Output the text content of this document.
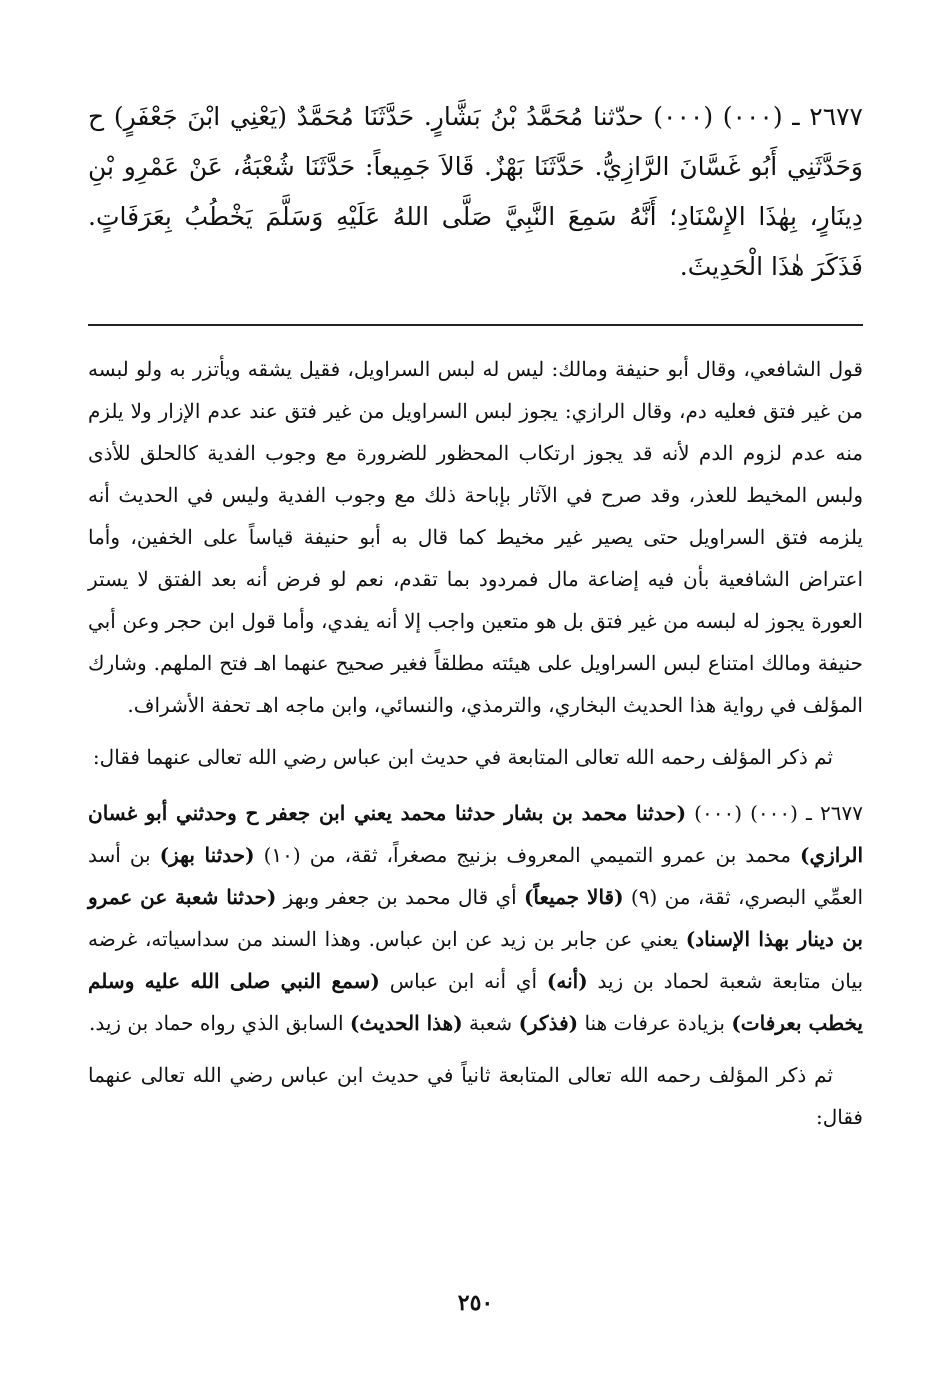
٢٦٧٧ ـ (٠٠٠) (٠٠٠) حدّثنا مُحَمَّدُ بْنُ بَشَّارٍ. حَدَّثَنَا مُحَمَّدٌ (يَعْنِي ابْنَ جَعْفَرٍ) ح وَحَدَّثَنِي أَبُو غَسَّانَ الرَّازِيُّ. حَدَّثَنَا بَهْزٌ. قَالاَ جَمِيعاً: حَدَّثَنَا شُعْبَةُ، عَنْ عَمْرِو بْنِ دِينَارٍ، بِهٰذَا الإِسْنَادِ؛ أَنَّهُ سَمِعَ النَّبِيَّ صَلَّى اللهُ عَلَيْهِ وَسَلَّمَ يَخْطُبُ بِعَرَفَاتٍ. فَذَكَرَ هٰذَا الْحَدِيثَ.

قول الشافعي، وقال أبو حنيفة ومالك: ليس له لبس السراويل، فقيل يشقه ويأتزر به ولو لبسه من غير فتق فعليه دم، وقال الرازي: يجوز لبس السراويل من غير فتق عند عدم الإزار ولا يلزم منه عدم لزوم الدم لأنه قد يجوز ارتكاب المحظور للضرورة مع وجوب الفدية كالحلق للأذى ولبس المخيط للعذر، وقد صرح في الآثار بإباحة ذلك مع وجوب الفدية وليس في الحديث أنه يلزمه فتق السراويل حتى يصير غير مخيط كما قال به أبو حنيفة قياساً على الخفين، وأما اعتراض الشافعية بأن فيه إضاعة مال فمردود بما تقدم، نعم لو فرض أنه بعد الفتق لا يستر العورة يجوز له لبسه من غير فتق بل هو متعين واجب إلا أنه يفدي، وأما قول ابن حجر وعن أبي حنيفة ومالك امتناع لبس السراويل على هيئته مطلقاً فغير صحيح عنهما اهـ فتح الملهم. وشارك المؤلف في رواية هذا الحديث البخاري، والترمذي، والنسائي، وابن ماجه اهـ تحفة الأشراف.

ثم ذكر المؤلف رحمه الله تعالى المتابعة في حديث ابن عباس رضي الله تعالى عنهما فقال:

٢٦٧٧ ـ (٠٠٠) (٠٠٠) (حدثنا محمد بن بشار حدثنا محمد يعني ابن جعفر ح وحدثني أبو غسان الرازي) محمد بن عمرو التميمي المعروف بزنيج مصغراً، ثقة، من (١٠) (حدثنا بهز) بن أسد العمِّي البصري، ثقة، من (٩) (قالا جميعاً) أي قال محمد بن جعفر وبهز (حدثنا شعبة عن عمرو بن دينار بهذا الإسناد) يعني عن جابر بن زيد عن ابن عباس. وهذا السند من سداسياته، غرضه بيان متابعة شعبة لحماد بن زيد (أنه) أي أنه ابن عباس (سمع النبي صلى الله عليه وسلم يخطب بعرفات) بزيادة عرفات هنا (فذكر) شعبة (هذا الحديث) السابق الذي رواه حماد بن زيد.

ثم ذكر المؤلف رحمه الله تعالى المتابعة ثانياً في حديث ابن عباس رضي الله تعالى عنهما فقال:

٢٥٠
